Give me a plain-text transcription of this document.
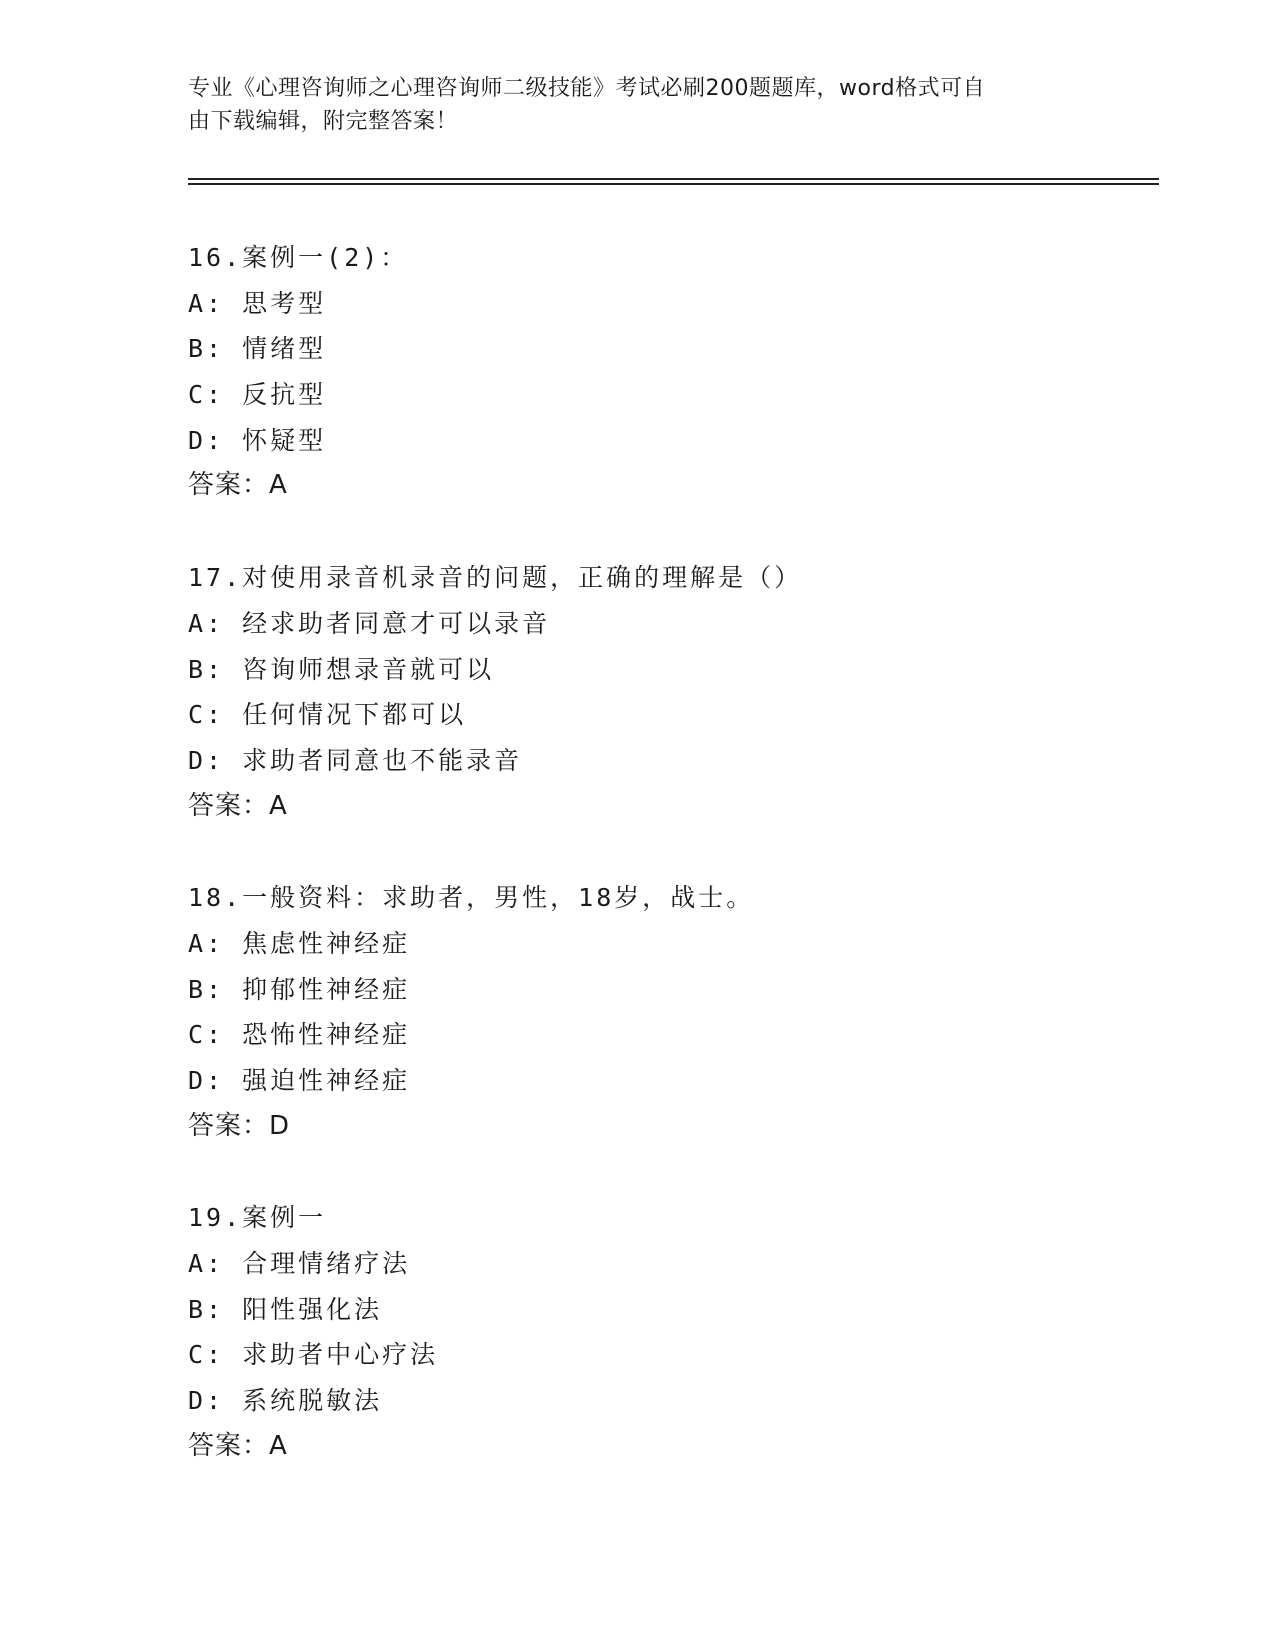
专业《心理咨询师之心理咨询师二级技能》考试必刷200题题库，word格式可自
由下载编辑，附完整答案！
16.案例一(2)：
A: 思考型
B: 情绪型
C: 反抗型
D: 怀疑型
答案：A
17.对使用录音机录音的问题，正确的理解是（）
A: 经求助者同意才可以录音
B: 咨询师想录音就可以
C: 任何情况下都可以
D: 求助者同意也不能录音
答案：A
18.一般资料：求助者，男性，18岁，战士。
A: 焦虑性神经症
B: 抑郁性神经症
C: 恐怖性神经症
D: 强迫性神经症
答案：D
19.案例一
A: 合理情绪疗法
B: 阳性强化法
C: 求助者中心疗法
D: 系统脱敏法
答案：A
